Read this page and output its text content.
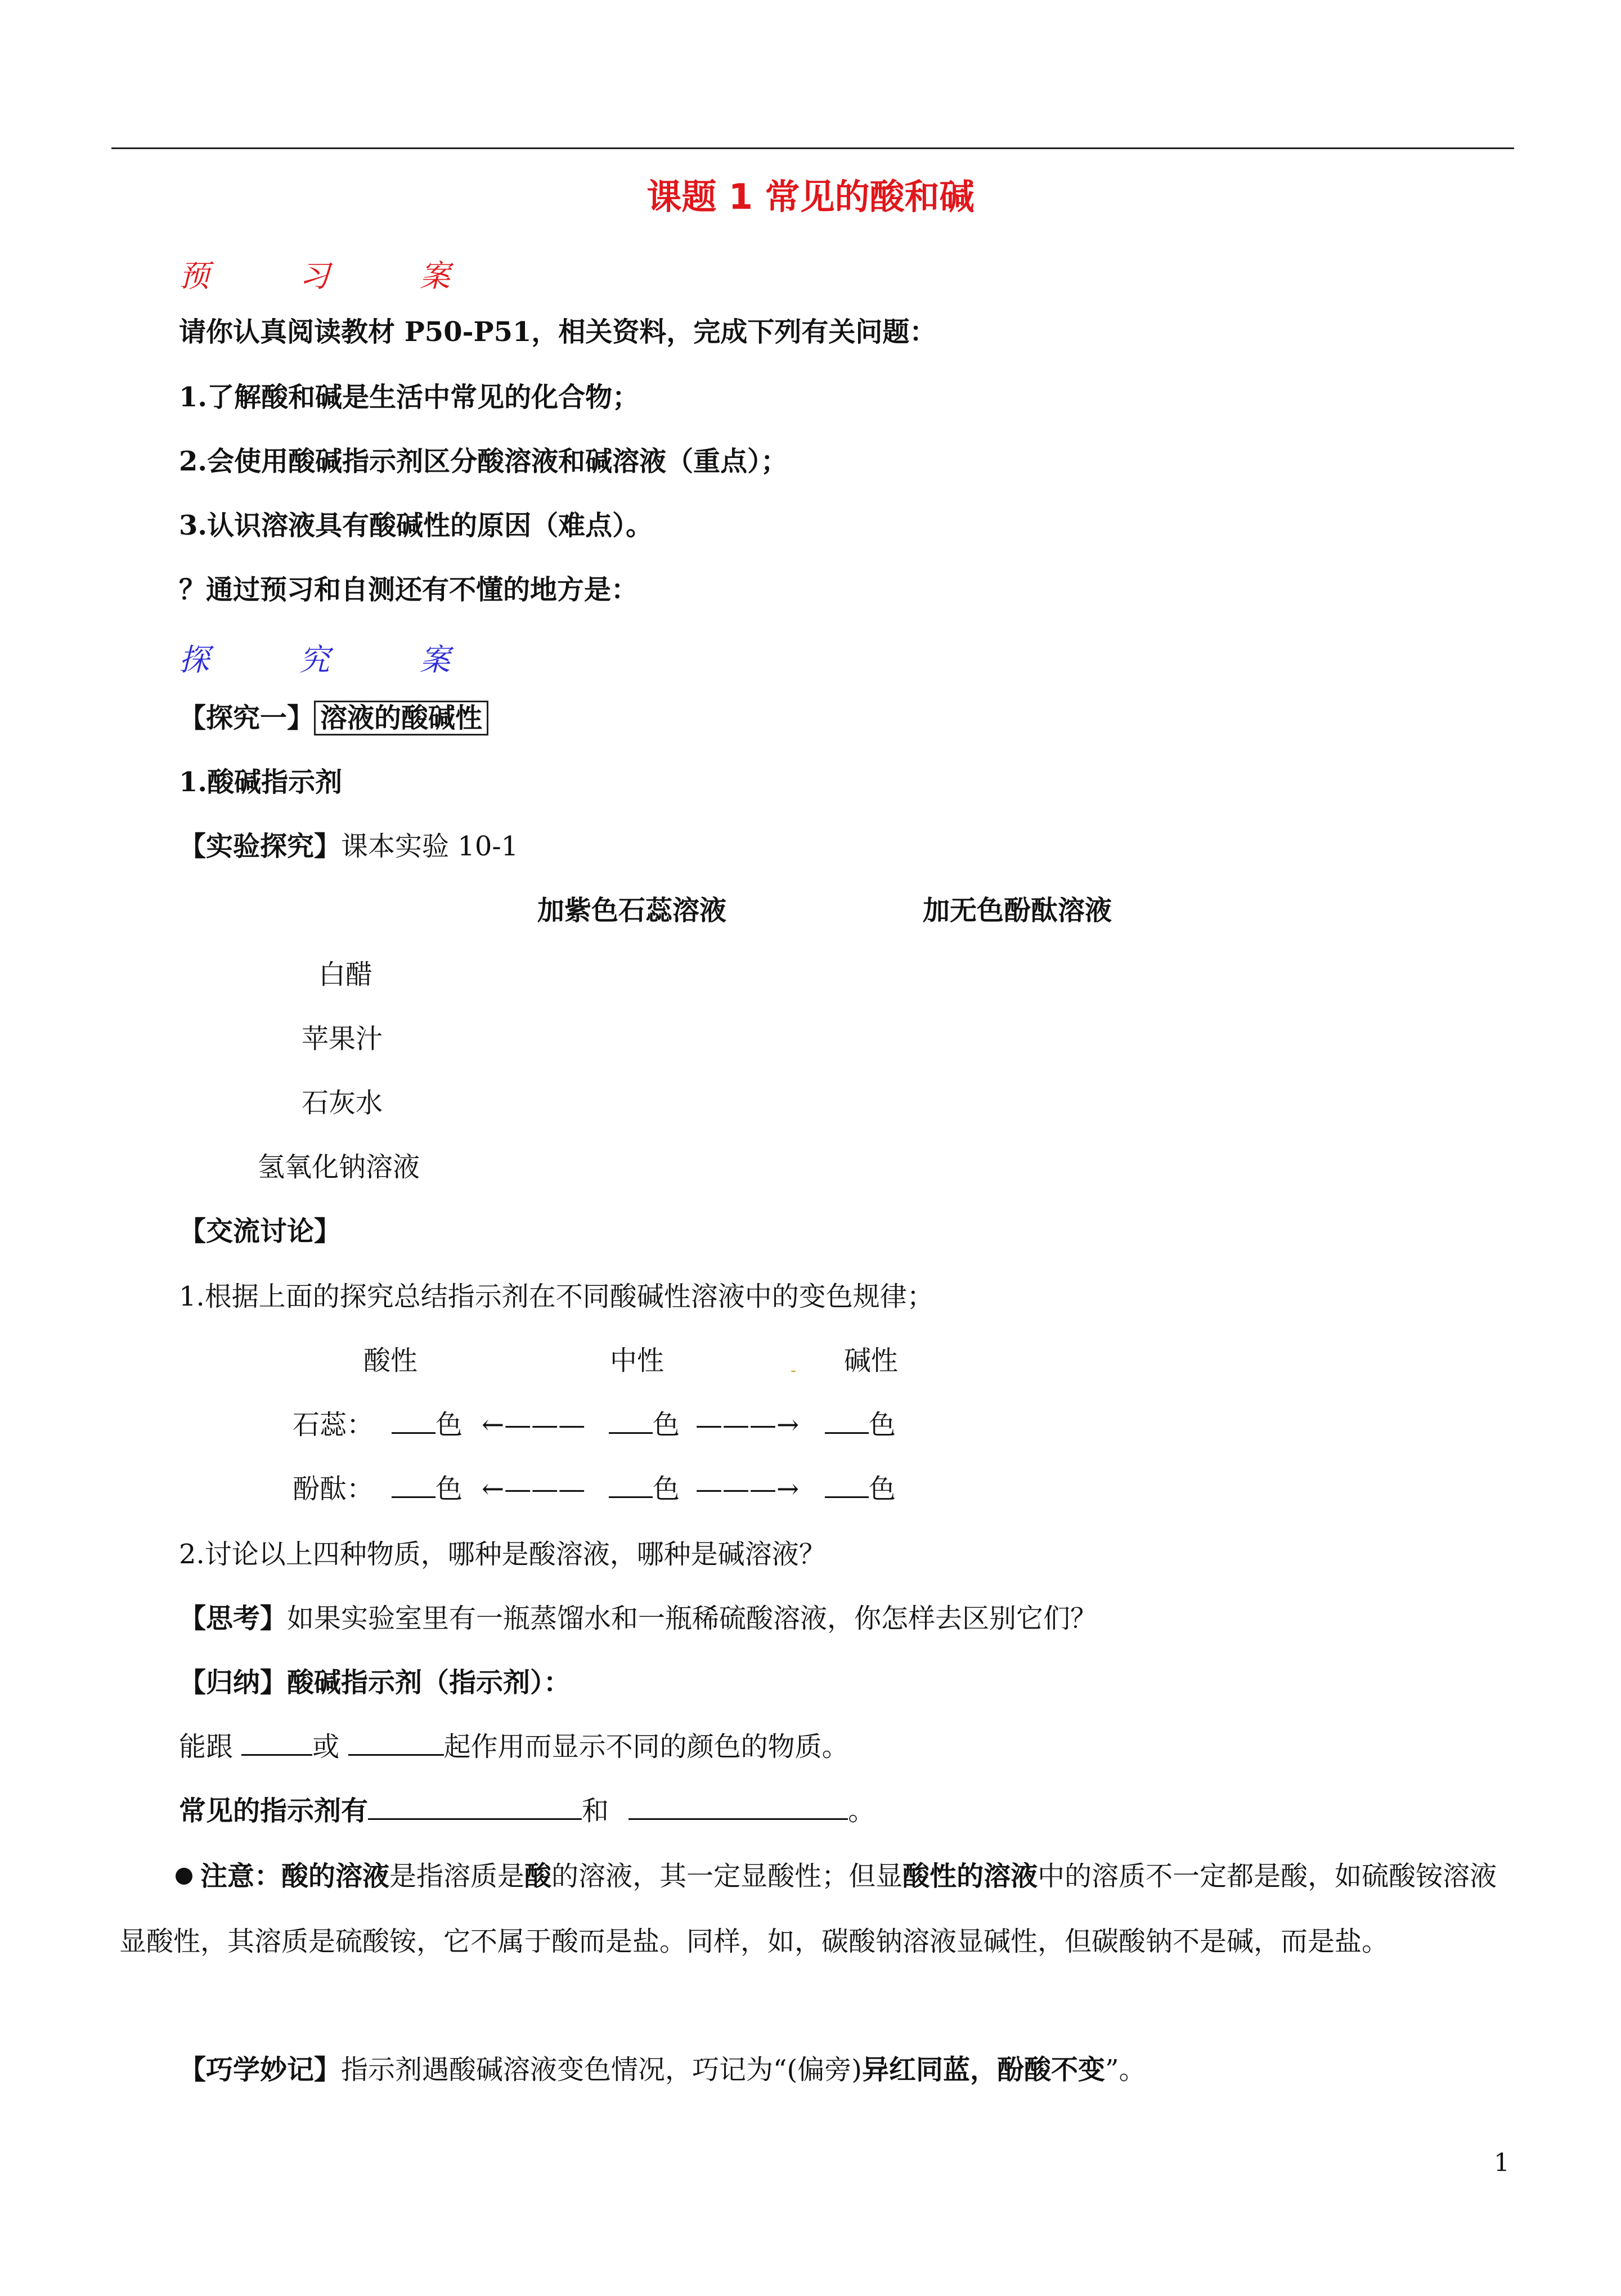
课题 1 常见的酸和碱
预	习	案
请你认真阅读教材 P50-P51，相关资料，完成下列有关问题：
1.了解酸和碱是生活中常见的化合物；
2.会使用酸碱指示剂区分酸溶液和碱溶液（重点）；
3.认识溶液具有酸碱性的原因（难点）。
？通过预习和自测还有不懂的地方是：
探	究	案
【探究一】 溶液的酸碱性
1.酸碱指示剂
【实验探究】课本实验 10-1
加紫色石蕊溶液	加无色酚酞溶液
白醋
苹果汁
石灰水
氢氧化钠溶液
【交流讨论】
1.根据上面的探究总结指示剂在不同酸碱性溶液中的变色规律；
酸性	中性	- 碱性
石蕊：	色 ←———	色 ———→	色
酚酞：	色 ←———	色 ———→	色
2.讨论以上四种物质，哪种是酸溶液，哪种是碱溶液？
【思考】如果实验室里有一瓶蒸馏水和一瓶稀硫酸溶液，你怎样去区别它们？
【归纳】酸碱指示剂（指示剂）：
能跟	或	起作用而显示不同的颜色的物质。
常见的指示剂有	和	。
注意：酸的溶液是指溶质是酸的溶液，其一定显酸性；但显酸性的溶液中的溶质不一定都是酸，如硫酸铵溶液显酸性，其溶质是硫酸铵，它不属于酸而是盐。同样，如，碳酸钠溶液显碱性，但碳酸钠不是碱，而是盐。
【巧学妙记】指示剂遇酸碱溶液变色情况，巧记为“(偏旁)异红同蓝，酚酸不变”。
1
